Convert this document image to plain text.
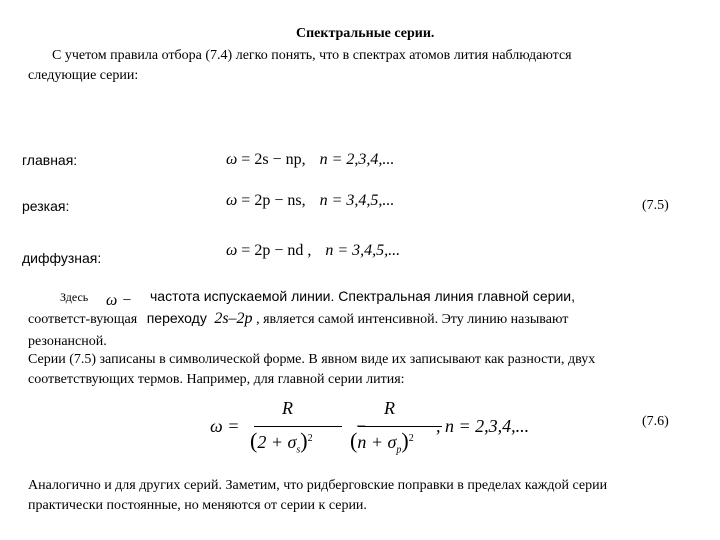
Спектральные серии.
С учетом правила отбора (7.4) легко понять, что в спектрах атомов лития наблюдаются
следующие серии:
главная:	ω = 2s − np, n = 2,3,4,...
резкая:	ω = 2p − ns, n = 3,4,5,...	(7.5)
диффузная:	ω = 2p − nd , n = 3,4,5,...
Здесь ω − частота испускаемой линии. Спектральная линия главной серии,
соответст-вующая переходу 2s–2p , является самой интенсивной. Эту линию называют
резонансной.
Серии (7.5) записаны в символической форме. В явном виде их записывают как разности, двух
соответствующих термов. Например, для главной серии лития:
ω =
R
$(2 + \sigma_s)^2$
−
R
$(n + \sigma_p)^2$
, n = 2,3,4,...	(7.6)
Аналогично и для других серий. Заметим, что ридберговские поправки в пределах каждой серии
практически постоянные, но меняются от серии к серии.
